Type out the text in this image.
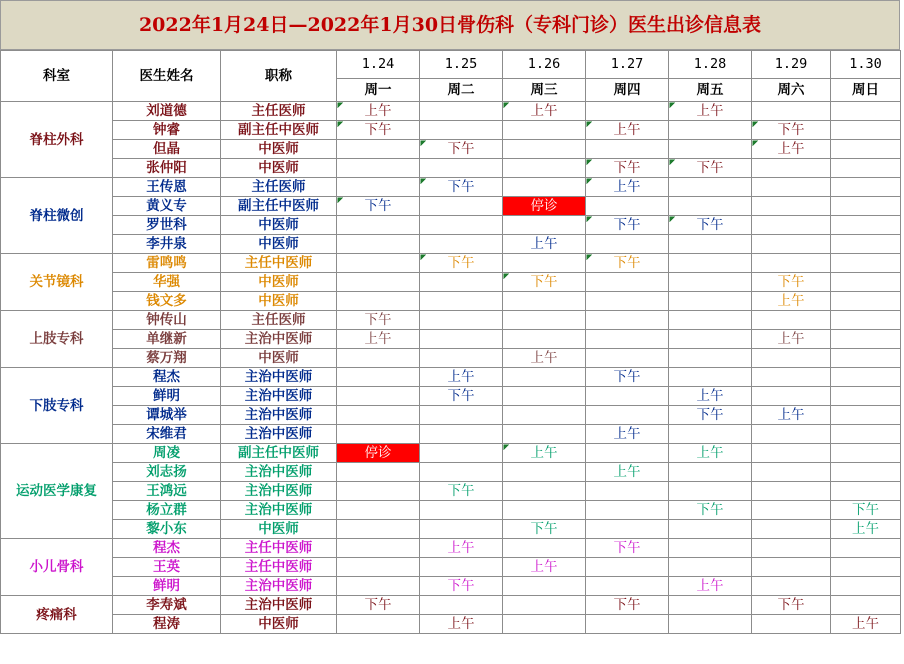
2022年1月24日—2022年1月30日骨伤科（专科门诊）医生出诊信息表
科室	医生姓名	职称	1.24	1.25	1.26	1.27	1.28	1.29	1.30
			周一	周二	周三	周四	周五	周六	周日
脊柱外科	刘道德	主任医师	上午		上午		上午		
	钟睿	副主任中医师	下午			上午		下午	
	但晶	中医师		下午				上午	
	张仲阳	中医师				下午	下午		
脊柱微创	王传恩	主任医师		下午		上午			
	黄义专	副主任中医师	下午		停诊				
	罗世科	中医师				下午	下午		
	李井泉	中医师			上午				
关节镜科	雷鸣鸣	主任中医师		下午		下午			
	华强	中医师			下午			下午	
	钱文多	中医师						上午	
上肢专科	钟传山	主任医师	下午						
	单继新	主治中医师	上午					上午	
	蔡万翔	中医师			上午				
下肢专科	程杰	主治中医师		上午		下午			
	鲜明	主治中医师		下午			上午		
	谭城举	主治中医师					下午	上午	
	宋维君	主治中医师				上午			
运动医学康复	周凌	副主任中医师	停诊		上午		上午		
	刘志扬	主治中医师				上午			
	王鸿远	主治中医师		下午					
	杨立群	主治中医师					下午		下午
	黎小东	中医师			下午				上午
小儿骨科	程杰	主任中医师		上午		下午			
	王英	主任中医师			上午				
	鲜明	主治中医师		下午			上午		
疼痛科	李寿斌	主治中医师	下午			下午		下午	
	程涛	中医师		上午					上午
